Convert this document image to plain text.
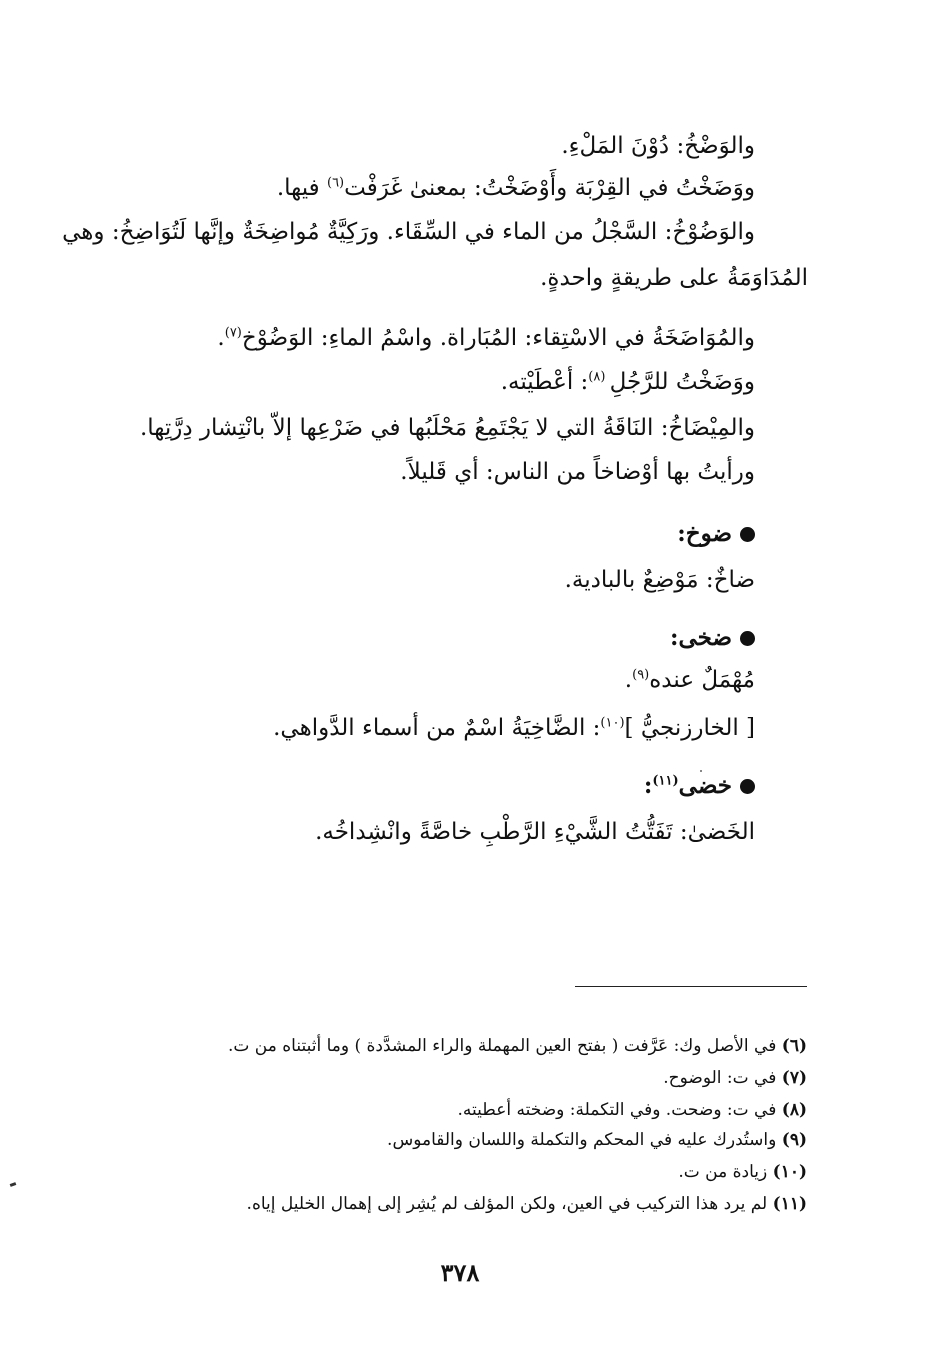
والوَضْخُ: دُوْنَ المَلْءِ.
ووَضَخْتُ في القِرْبَة وأَوْضَخْتُ: بمعنىٰ غَرَفْت$^{(٦)}$ فيها.
والوَضُوْخُ: السَّجْلُ من الماء في السِّقَاء. ورَكِيَّةٌ مُواضِخَةٌ وإنَّها لَتُوَاضِخُ: وهي
المُدَاوَمَةُ على طريقةٍ واحدةٍ.
والمُوَاضَخَةُ في الاسْتِقاء: المُبَاراة. واسْمُ الماءِ: الوَضُوْخ$^{(٧)}$.
ووَضَخْتُ للرَّجُلِ $^{(٨)}$: أعْطَيْته.
والمِيْضَاخُ: النَاقَةُ التي لا يَجْتَمِعُ مَحْلَبُها في ضَرْعِها إلاّ بانْتِشار دِرَّتِها.
ورأيتُ بها أوْضاخاً من الناس: أي قَليلاً.
ضوخ:
ضاخٌ: مَوْضِعٌ بالبادية.
ضخى:
مُهْمَلٌ عنده$^{(٩)}$.
[ الخارزنجيُّ ]$^{(١٠)}$: الضَّاخِيَةُ اسْمٌ من أسماء الدَّواهي.
خضى$^{(١١)}$:
الخَضىٰ: تَفَتُّتُ الشَّيْءِ الرَّطْبِ خاصَّةً وانْشِداخُه.
(٦) في الأصل وك: عَرَّفت ( بفتح العين المهملة والراء المشدَّدة ) وما أثبتناه من ت.
(٧) في ت: الوضوح.
(٨) في ت: وضحت. وفي التكملة: وضخته أعطيته.
(٩) واستُدرك عليه في المحكم والتكملة واللسان والقاموس.
(١٠) زيادة من ت.
(١١) لم يرد هذا التركيب في العين، ولكن المؤلف لم يُشِر إلى إهمال الخليل إياه.
٣٧٨
